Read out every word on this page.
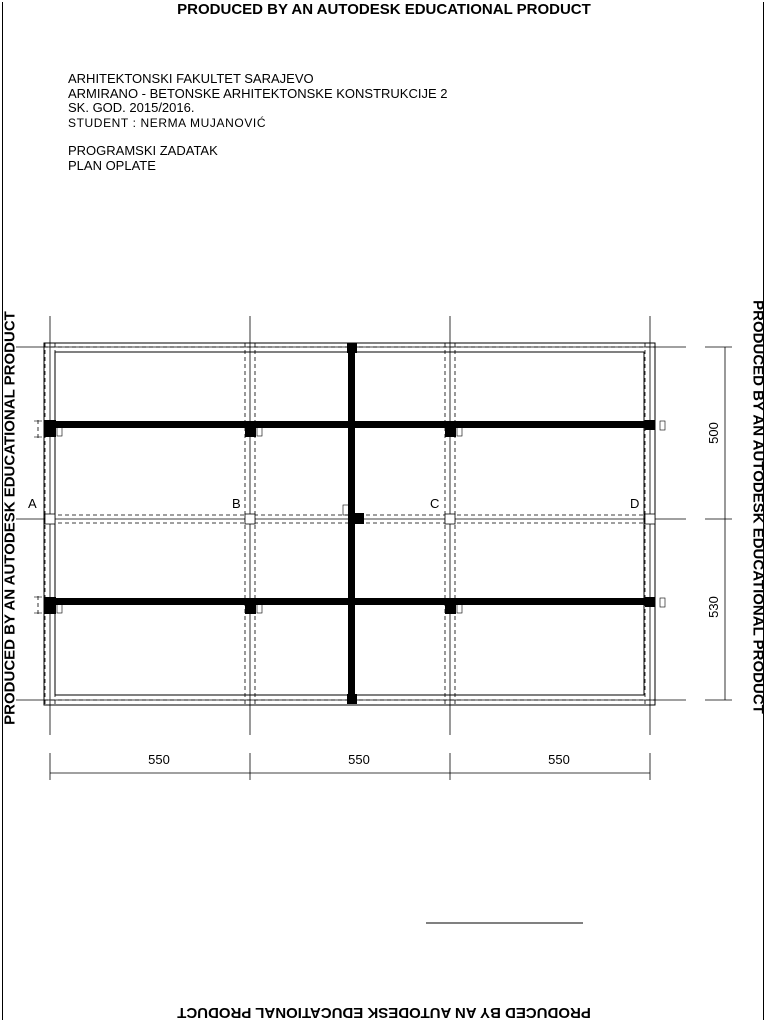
PRODUCED BY AN AUTODESK EDUCATIONAL PRODUCT
PRODUCED BY AN AUTODESK EDUCATIONAL PRODUCT
PRODUCED BY AN AUTODESK EDUCATIONAL PRODUCT	PRODUCED BY AN AUTODESK EDUCATIONAL PRODUCT
ARHITEKTONSKI FAKULTET SARAJEVO
ARMIRANO - BETONSKE ARHITEKTONSKE KONSTRUKCIJE 2
SK. GOD. 2015/2016.
STUDENT : NERMA MUJANOVIĆ
PROGRAMSKI ZADATAK
PLAN OPLATE
A	B	C	D
550	550	550
500
530
